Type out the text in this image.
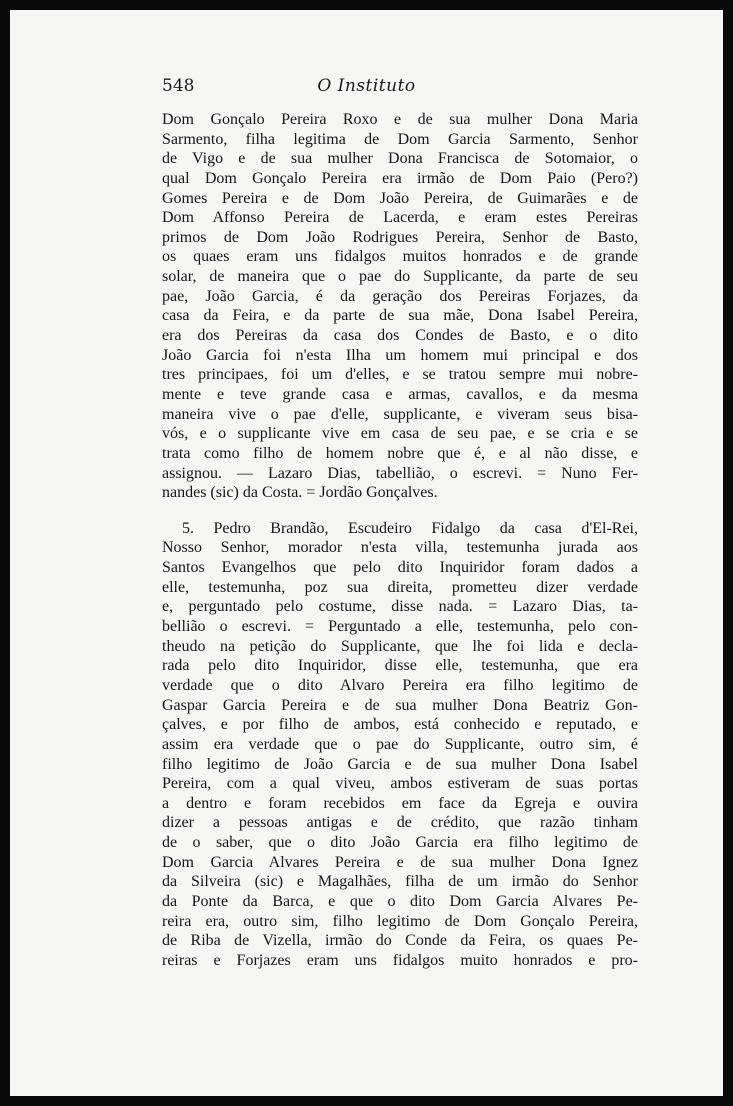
548	O Instituto
Dom Gonçalo Pereira Roxo e de sua mulher Dona Maria
Sarmento, filha legitima de Dom Garcia Sarmento, Senhor
de Vigo e de sua mulher Dona Francisca de Sotomaior, o
qual Dom Gonçalo Pereira era irmão de Dom Paio (Pero?)
Gomes Pereira e de Dom João Pereira, de Guimarães e de
Dom Affonso Pereira de Lacerda, e eram estes Pereiras
primos de Dom João Rodrigues Pereira, Senhor de Basto,
os quaes eram uns fidalgos muitos honrados e de grande
solar, de maneira que o pae do Supplicante, da parte de seu
pae, João Garcia, é da geração dos Pereiras Forjazes, da
casa da Feira, e da parte de sua mãe, Dona Isabel Pereira,
era dos Pereiras da casa dos Condes de Basto, e o dito
João Garcia foi n'esta Ilha um homem mui principal e dos
tres principaes, foi um d'elles, e se tratou sempre mui nobre-
mente e teve grande casa e armas, cavallos, e da mesma
maneira vive o pae d'elle, supplicante, e viveram seus bisa-
vós, e o supplicante vive em casa de seu pae, e se cria e se
trata como filho de homem nobre que é, e al não disse, e
assignou. — Lazaro Dias, tabellião, o escrevi. = Nuno Fer-
nandes (sic) da Costa. = Jordão Gonçalves.
5. Pedro Brandão, Escudeiro Fidalgo da casa d'El-Rei,
Nosso Senhor, morador n'esta villa, testemunha jurada aos
Santos Evangelhos que pelo dito Inquiridor foram dados a
elle, testemunha, poz sua direita, prometteu dizer verdade
e, perguntado pelo costume, disse nada. = Lazaro Dias, ta-
bellião o escrevi. = Perguntado a elle, testemunha, pelo con-
theudo na petição do Supplicante, que lhe foi lida e decla-
rada pelo dito Inquiridor, disse elle, testemunha, que era
verdade que o dito Alvaro Pereira era filho legitimo de
Gaspar Garcia Pereira e de sua mulher Dona Beatriz Gon-
çalves, e por filho de ambos, está conhecido e reputado, e
assim era verdade que o pae do Supplicante, outro sim, é
filho legitimo de João Garcia e de sua mulher Dona Isabel
Pereira, com a qual viveu, ambos estiveram de suas portas
a dentro e foram recebidos em face da Egreja e ouvira
dizer a pessoas antigas e de crédito, que razão tinham
de o saber, que o dito João Garcia era filho legitimo de
Dom Garcia Alvares Pereira e de sua mulher Dona Ignez
da Silveira (sic) e Magalhães, filha de um irmão do Senhor
da Ponte da Barca, e que o dito Dom Garcia Alvares Pe-
reira era, outro sim, filho legitimo de Dom Gonçalo Pereira,
de Riba de Vizella, irmão do Conde da Feira, os quaes Pe-
reiras e Forjazes eram uns fidalgos muito honrados e pro-
